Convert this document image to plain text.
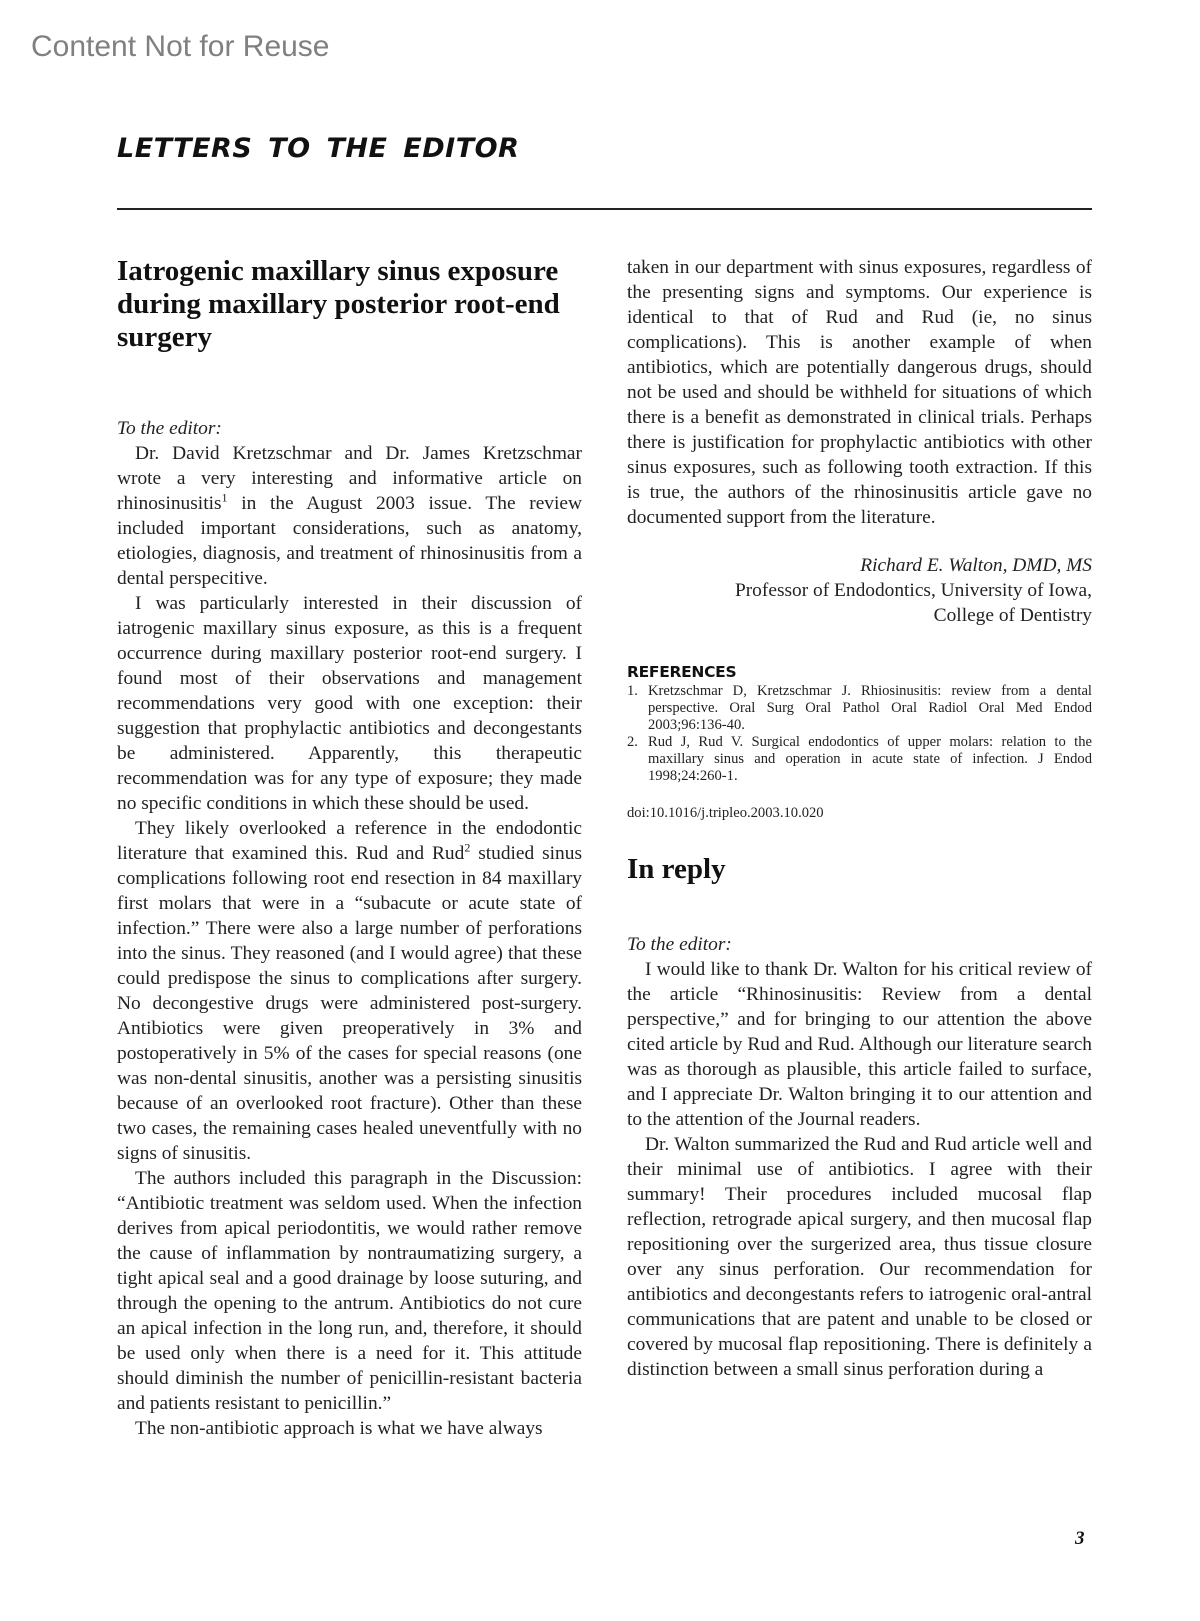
Content Not for Reuse
LETTERS TO THE EDITOR
Iatrogenic maxillary sinus exposure during maxillary posterior root-end surgery

To the editor:

Dr. David Kretzschmar and Dr. James Kretzschmar wrote a very interesting and informative article on rhinosinusitis$^1$ in the August 2003 issue. The review included important considerations, such as anatomy, etiologies, diagnosis, and treatment of rhinosinusitis from a dental perspecitive.

I was particularly interested in their discussion of iatrogenic maxillary sinus exposure, as this is a frequent occurrence during maxillary posterior root-end surgery. I found most of their observations and management recommendations very good with one exception: their suggestion that prophylactic antibiotics and decongestants be administered. Apparently, this therapeutic recommendation was for any type of exposure; they made no specific conditions in which these should be used.

They likely overlooked a reference in the endodontic literature that examined this. Rud and Rud$^2$ studied sinus complications following root end resection in 84 maxillary first molars that were in a “subacute or acute state of infection.” There were also a large number of perforations into the sinus. They reasoned (and I would agree) that these could predispose the sinus to complications after surgery. No decongestive drugs were administered post-surgery. Antibiotics were given preoperatively in 3% and postoperatively in 5% of the cases for special reasons (one was non-dental sinusitis, another was a persisting sinusitis because of an overlooked root fracture). Other than these two cases, the remaining cases healed uneventfully with no signs of sinusitis.

The authors included this paragraph in the Discussion: “Antibiotic treatment was seldom used. When the infection derives from apical periodontitis, we would rather remove the cause of inflammation by nontraumatizing surgery, a tight apical seal and a good drainage by loose suturing, and through the opening to the antrum. Antibiotics do not cure an apical infection in the long run, and, therefore, it should be used only when there is a need for it. This attitude should diminish the number of penicillin-resistant bacteria and patients resistant to penicillin.”

The non-antibiotic approach is what we have always

taken in our department with sinus exposures, regardless of the presenting signs and symptoms. Our experience is identical to that of Rud and Rud (ie, no sinus complications). This is another example of when antibiotics, which are potentially dangerous drugs, should not be used and should be withheld for situations of which there is a benefit as demonstrated in clinical trials. Perhaps there is justification for prophylactic antibiotics with other sinus exposures, such as following tooth extraction. If this is true, the authors of the rhinosinusitis article gave no documented support from the literature.

Richard E. Walton, DMD, MS
Professor of Endodontics, University of Iowa,
College of Dentistry
REFERENCES
1. Kretzschmar D, Kretzschmar J. Rhiosinusitis: review from a dental perspective. Oral Surg Oral Pathol Oral Radiol Oral Med Endod 2003;96:136-40.
2. Rud J, Rud V. Surgical endodontics of upper molars: relation to the maxillary sinus and operation in acute state of infection. J Endod 1998;24:260-1.
doi:10.1016/j.tripleo.2003.10.020
In reply

To the editor:

I would like to thank Dr. Walton for his critical review of the article “Rhinosinusitis: Review from a dental perspective,” and for bringing to our attention the above cited article by Rud and Rud. Although our literature search was as thorough as plausible, this article failed to surface, and I appreciate Dr. Walton bringing it to our attention and to the attention of the Journal readers.

Dr. Walton summarized the Rud and Rud article well and their minimal use of antibiotics. I agree with their summary! Their procedures included mucosal flap reflection, retrograde apical surgery, and then mucosal flap repositioning over the surgerized area, thus tissue closure over any sinus perforation. Our recommendation for antibiotics and decongestants refers to iatrogenic oral-antral communications that are patent and unable to be closed or covered by mucosal flap repositioning. There is definitely a distinction between a small sinus perforation during a

3
